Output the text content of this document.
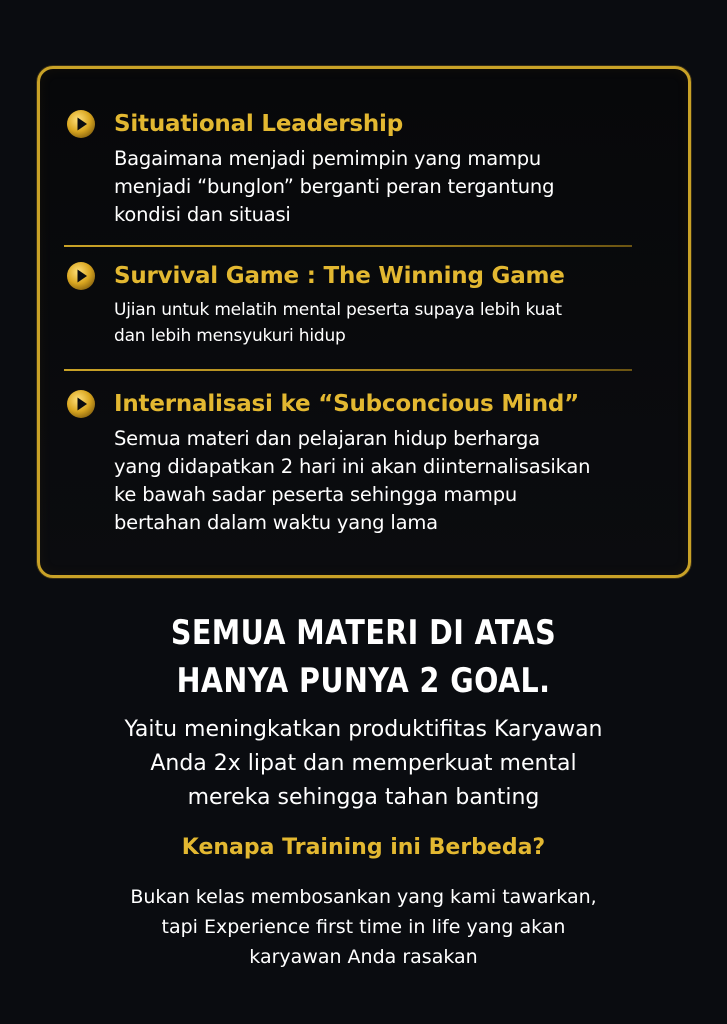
Situational Leadership
Bagaimana menjadi pemimpin yang mampu
menjadi “bunglon” berganti peran tergantung
kondisi dan situasi
Survival Game : The Winning Game
Ujian untuk melatih mental peserta supaya lebih kuat
dan lebih mensyukuri hidup
Internalisasi ke “Subconcious Mind”
Semua materi dan pelajaran hidup berharga
yang didapatkan 2 hari ini akan diinternalisasikan
ke bawah sadar peserta sehingga mampu
bertahan dalam waktu yang lama
SEMUA MATERI DI ATAS
HANYA PUNYA 2 GOAL.
Yaitu meningkatkan produktifitas Karyawan
Anda 2x lipat dan memperkuat mental
mereka sehingga tahan banting
Kenapa Training ini Berbeda?
Bukan kelas membosankan yang kami tawarkan,
tapi Experience first time in life yang akan
karyawan Anda rasakan
